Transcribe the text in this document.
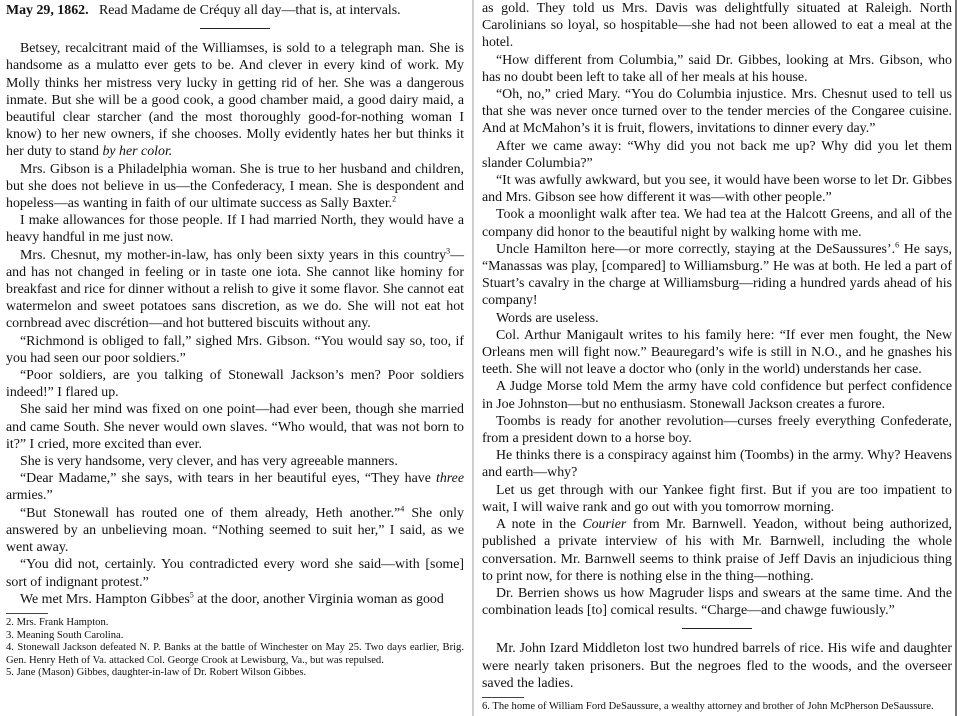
May 29, 1862. Read Madame de Créquy all day—that is, at intervals.

Betsey, recalcitrant maid of the Williamses, is sold to a telegraph man. She is handsome as a mulatto ever gets to be. And clever in every kind of work. My Molly thinks her mistress very lucky in getting rid of her. She was a dangerous inmate. But she will be a good cook, a good chamber maid, a good dairy maid, a beautiful clear starcher (and the most thoroughly good-for-nothing woman I know) to her new owners, if she chooses. Molly evidently hates her but thinks it her duty to stand by her color.

Mrs. Gibson is a Philadelphia woman. She is true to her husband and children, but she does not believe in us—the Confederacy, I mean. She is despondent and hopeless—as wanting in faith of our ultimate success as Sally Baxter.$^2$

I make allowances for those people. If I had married North, they would have a heavy handful in me just now.

Mrs. Chesnut, my mother-in-law, has only been sixty years in this country$^3$—and has not changed in feeling or in taste one iota. She cannot like hominy for breakfast and rice for dinner without a relish to give it some flavor. She cannot eat watermelon and sweet potatoes sans discretion, as we do. She will not eat hot cornbread avec discrétion—and hot buttered biscuits without any.

“Richmond is obliged to fall,” sighed Mrs. Gibson. “You would say so, too, if you had seen our poor soldiers.”

“Poor soldiers, are you talking of Stonewall Jackson’s men? Poor soldiers indeed!” I flared up.

She said her mind was fixed on one point—had ever been, though she married and came South. She never would own slaves. “Who would, that was not born to it?” I cried, more excited than ever.

She is very handsome, very clever, and has very agreeable manners.

“Dear Madame,” she says, with tears in her beautiful eyes, “They have three armies.”

“But Stonewall has routed one of them already, Heth another.”$^4$ She only answered by an unbelieving moan. “Nothing seemed to suit her,” I said, as we went away.

“You did not, certainly. You contradicted every word she said—with [some] sort of indignant protest.”

We met Mrs. Hampton Gibbes$^5$ at the door, another Virginia woman as good

2. Mrs. Frank Hampton.

3. Meaning South Carolina.

4. Stonewall Jackson defeated N. P. Banks at the battle of Winchester on May 25. Two days earlier, Brig. Gen. Henry Heth of Va. attacked Col. George Crook at Lewisburg, Va., but was repulsed.

5. Jane (Mason) Gibbes, daughter-in-law of Dr. Robert Wilson Gibbes.

as gold. They told us Mrs. Davis was delightfully situated at Raleigh. North Carolinians so loyal, so hospitable—she had not been allowed to eat a meal at the hotel.

“How different from Columbia,” said Dr. Gibbes, looking at Mrs. Gibson, who has no doubt been left to take all of her meals at his house.

“Oh, no,” cried Mary. “You do Columbia injustice. Mrs. Chesnut used to tell us that she was never once turned over to the tender mercies of the Congaree cuisine. And at McMahon’s it is fruit, flowers, invitations to dinner every day.”

After we came away: “Why did you not back me up? Why did you let them slander Columbia?”

“It was awfully awkward, but you see, it would have been worse to let Dr. Gibbes and Mrs. Gibson see how different it was—with other people.”

Took a moonlight walk after tea. We had tea at the Halcott Greens, and all of the company did honor to the beautiful night by walking home with me.

Uncle Hamilton here—or more correctly, staying at the DeSaussures’.$^6$ He says, “Manassas was play, [compared] to Williamsburg.” He was at both. He led a part of Stuart’s cavalry in the charge at Williamsburg—riding a hundred yards ahead of his company!

Words are useless.

Col. Arthur Manigault writes to his family here: “If ever men fought, the New Orleans men will fight now.” Beauregard’s wife is still in N.O., and he gnashes his teeth. She will not leave a doctor who (only in the world) understands her case.

A Judge Morse told Mem the army have cold confidence but perfect confidence in Joe Johnston—but no enthusiasm. Stonewall Jackson creates a furore.

Toombs is ready for another revolution—curses freely everything Confederate, from a president down to a horse boy.

He thinks there is a conspiracy against him (Toombs) in the army. Why? Heavens and earth—why?

Let us get through with our Yankee fight first. But if you are too impatient to wait, I will waive rank and go out with you tomorrow morning.

A note in the Courier from Mr. Barnwell. Yeadon, without being authorized, published a private interview of his with Mr. Barnwell, including the whole conversation. Mr. Barnwell seems to think praise of Jeff Davis an injudicious thing to print now, for there is nothing else in the thing—nothing.

Dr. Berrien shows us how Magruder lisps and swears at the same time. And the combination leads [to] comical results. “Charge—and chawge fuwiously.”

Mr. John Izard Middleton lost two hundred barrels of rice. His wife and daughter were nearly taken prisoners. But the negroes fled to the woods, and the overseer saved the ladies.

6. The home of William Ford DeSaussure, a wealthy attorney and brother of John McPherson DeSaussure.
